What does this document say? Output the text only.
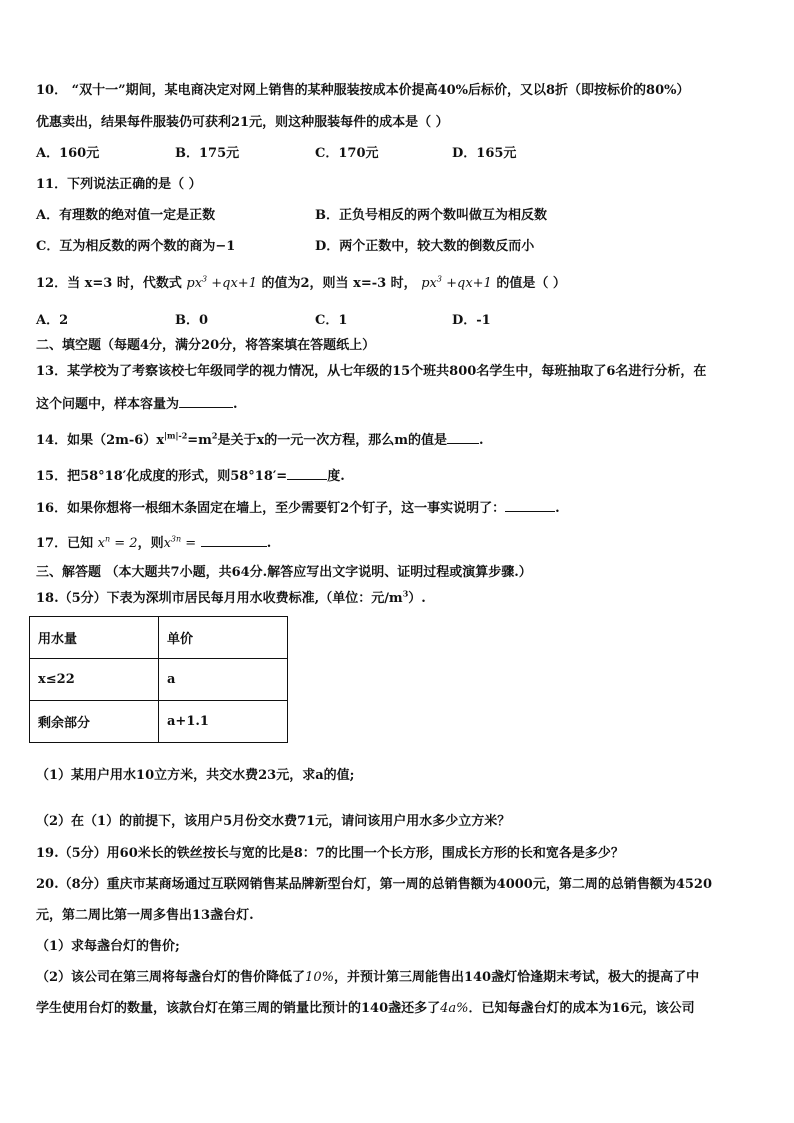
10． “双十一”期间，某电商决定对网上销售的某种服装按成本价提高40%后标价，又以8折（即按标价的80%）
优惠卖出，结果每件服装仍可获利21元，则这种服装每件的成本是（ ）
A．160元	B．175元	C．170元	D．165元
11．下列说法正确的是（ ）
A．有理数的绝对值一定是正数	B．正负号相反的两个数叫做互为相反数
C．互为相反数的两个数的商为−1	D．两个正数中，较大数的倒数反而小
12．当 x=3 时，代数式 $px^3 +qx+1$ 的值为2，则当 x=-3 时， $px^3 +qx+1$ 的值是（ ）
A．2	B．0	C．1	D．-1
二、填空题（每题4分，满分20分，将答案填在答题纸上）
13．某学校为了考察该校七年级同学的视力情况，从七年级的15个班共800名学生中，每班抽取了6名进行分析，在
这个问题中，样本容量为	.
14．如果$(2m-6)x^{|m|-2}=m^2$是关于x的一元一次方程，那么m的值是 .
15．把58°18′化成度的形式，则58°18′=	度.
16．如果你想将一根细木条固定在墙上，至少需要钉2个钉子，这一事实说明了：	.
17．已知 $x^n = 2$，则$x^{3n}$ =	.
三、解答题 （本大题共7小题，共64分.解答应写出文字说明、证明过程或演算步骤.）
18.（5分）下表为深圳市居民每月用水收费标准,（单位：元$/m^3$）.
用水量	单价
x≤22	a
剩余部分	a+1.1
（1）某用户用水10立方米，共交水费23元，求a的值;
（2）在（1）的前提下，该用户5月份交水费71元，请问该用户用水多少立方米？
19.（5分）用60米长的铁丝按长与宽的比是8：7的比围一个长方形，围成长方形的长和宽各是多少？
20.（8分）重庆市某商场通过互联网销售某品牌新型台灯，第一周的总销售额为4000元，第二周的总销售额为4520
元，第二周比第一周多售出13盏台灯.
（1）求每盏台灯的售价;
（2）该公司在第三周将每盏台灯的售价降低了10%，并预计第三周能售出140盏灯恰逢期末考试，极大的提高了中
学生使用台灯的数量，该款台灯在第三周的销量比预计的140盏还多了4a%．已知每盏台灯的成本为16元，该公司
